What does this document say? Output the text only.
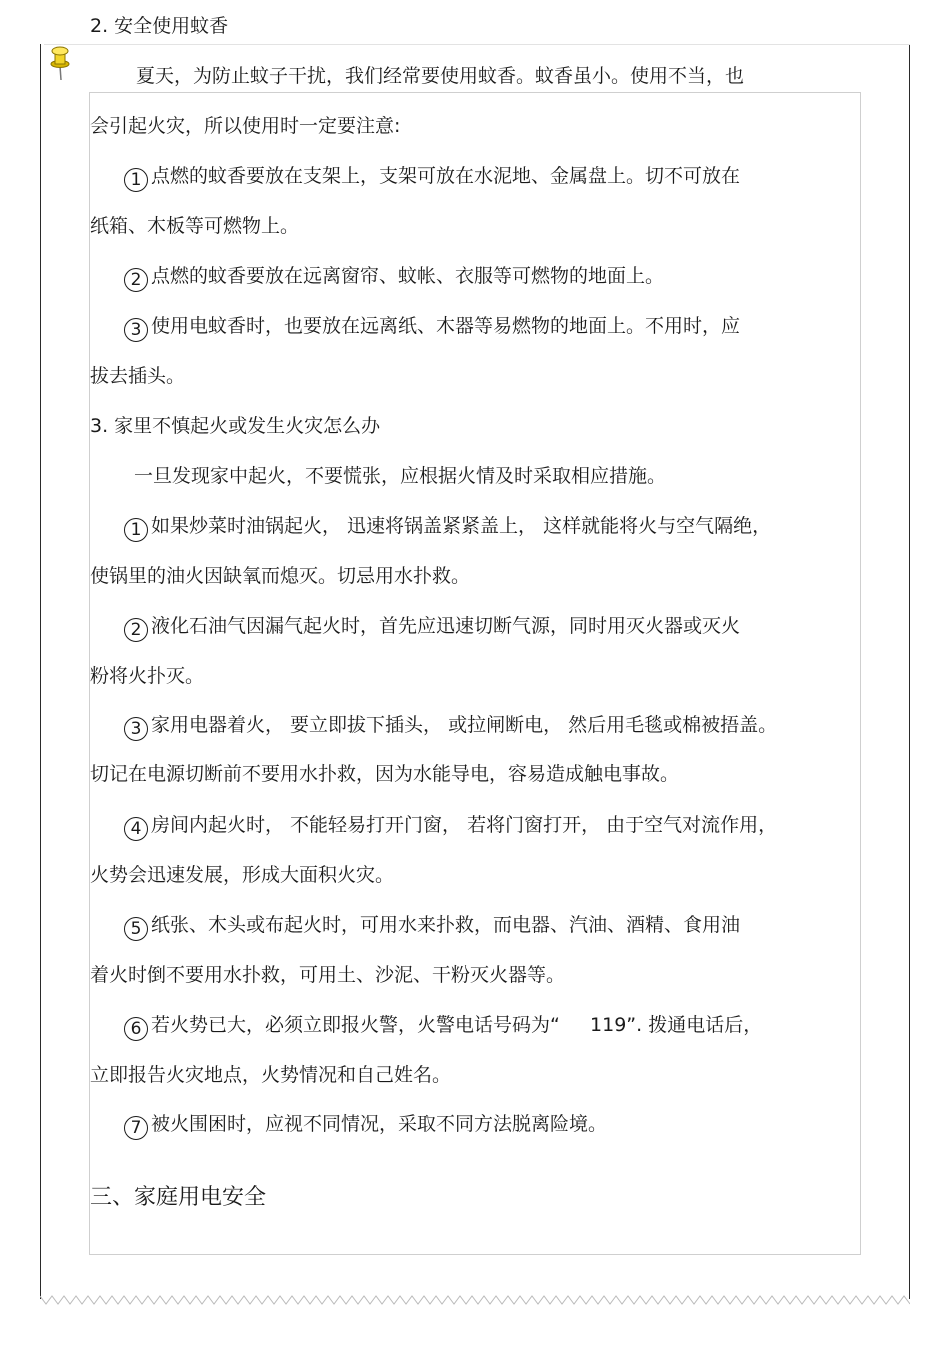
2. 安全使用蚊香
夏天，为防止蚊子干扰，我们经常要使用蚊香。蚊香虽小。使用不当，也
会引起火灾，所以使用时一定要注意:
1 点燃的蚊香要放在支架上，支架可放在水泥地、金属盘上。切不可放在
纸箱、木板等可燃物上。
2 点燃的蚊香要放在远离窗帘、蚊帐、衣服等可燃物的地面上。
3 使用电蚊香时，也要放在远离纸、木器等易燃物的地面上。不用时，应
拔去插头。
3. 家里不慎起火或发生火灾怎么办
一旦发现家中起火，不要慌张，应根据火情及时采取相应措施。
1 如果炒菜时油锅起火， 迅速将锅盖紧紧盖上， 这样就能将火与空气隔绝，
使锅里的油火因缺氧而熄灭。切忌用水扑救。
2 液化石油气因漏气起火时，首先应迅速切断气源，同时用灭火器或灭火
粉将火扑灭。
3 家用电器着火， 要立即拔下插头， 或拉闸断电， 然后用毛毯或棉被捂盖。
切记在电源切断前不要用水扑救，因为水能导电，容易造成触电事故。
4 房间内起火时， 不能轻易打开门窗， 若将门窗打开， 由于空气对流作用，
火势会迅速发展，形成大面积火灾。
5 纸张、木头或布起火时，可用水来扑救，而电器、汽油、酒精、食用油
着火时倒不要用水扑救，可用土、沙泥、干粉灭火器等。
6 若火势已大，必须立即报火警，火警电话号码为“     119”. 拨通电话后，
立即报告火灾地点，火势情况和自己姓名。
7 被火围困时，应视不同情况，采取不同方法脱离险境。
三、家庭用电安全
